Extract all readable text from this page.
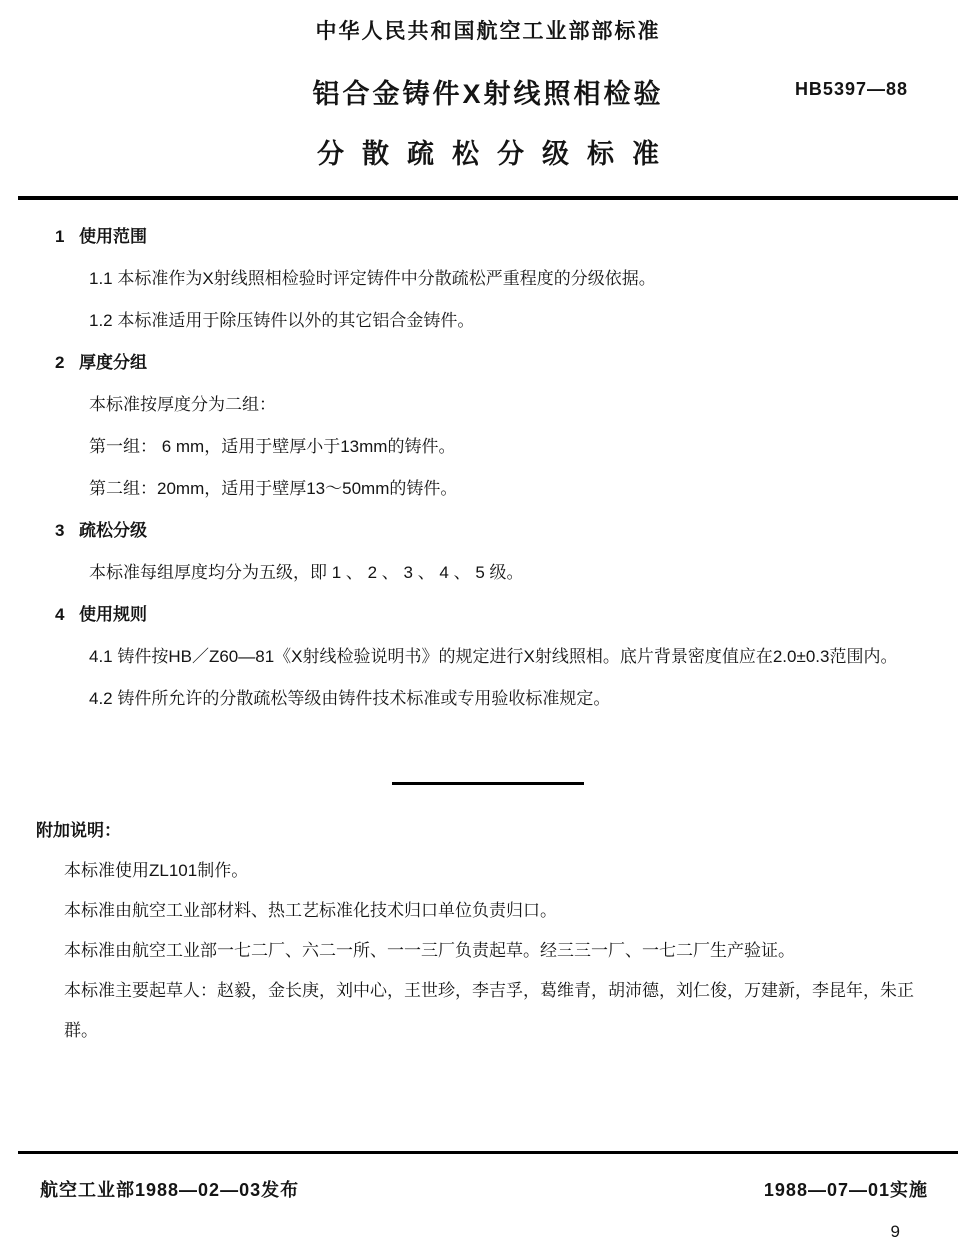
中华人民共和国航空工业部部标准
铝合金铸件X射线照相检验	HB5397—88
分散疏松分级标准
1 使用范围

1.1 本标准作为X射线照相检验时评定铸件中分散疏松严重程度的分级依据。

1.2 本标准适用于除压铸件以外的其它铝合金铸件。

2 厚度分组

本标准按厚度分为二组：

第一组： 6 mm，适用于壁厚小于13mm的铸件。

第二组：20mm，适用于壁厚13～50mm的铸件。

3 疏松分级

本标准每组厚度均分为五级，即 1 、 2 、 3 、 4 、 5 级。

4 使用规则

4.1 铸件按HB／Z60—81《X射线检验说明书》的规定进行X射线照相。底片背景密度值应在2.0±0.3范围内。

4.2 铸件所允许的分散疏松等级由铸件技术标准或专用验收标准规定。

附加说明：

本标准使用ZL101制作。

本标准由航空工业部材料、热工艺标准化技术归口单位负责归口。

本标准由航空工业部一七二厂、六二一所、一一三厂负责起草。经三三一厂、一七二厂生产验证。

本标准主要起草人：赵毅，金长庚，刘中心，王世珍，李吉孚，葛维青，胡沛德，刘仁俊，万建新，李昆年，朱正群。

航空工业部1988—02—03发布	1988—07—01实施
9
